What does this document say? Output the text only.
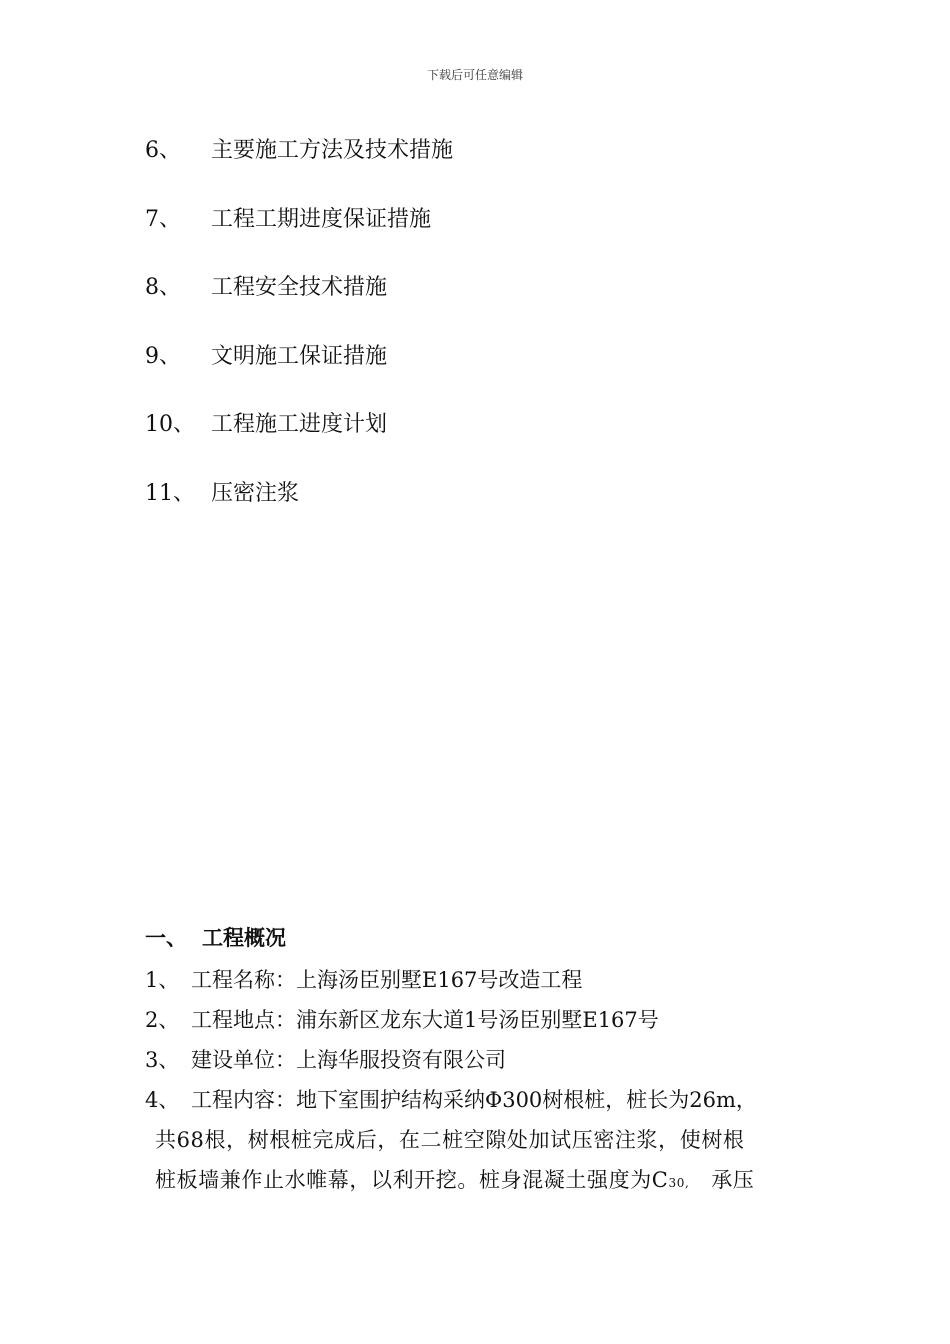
下载后可任意编辑
6、	主要施工方法及技术措施
7、	工程工期进度保证措施
8、	工程安全技术措施
9、	文明施工保证措施
10、 工程施工进度计划
11、 压密注浆
一、 工程概况
1、 工程名称：上海汤臣别墅E167号改造工程
2、 工程地点：浦东新区龙东大道1号汤臣别墅E167号
3、 建设单位：上海华服投资有限公司
4、 工程内容：地下室围护结构采纳Φ300树根桩，桩长为26m，
共68根，树根桩完成后，在二桩空隙处加试压密注浆，使树根
桩板墙兼作止水帷幕，以利开挖。桩身混凝土强度为C30, 承压
